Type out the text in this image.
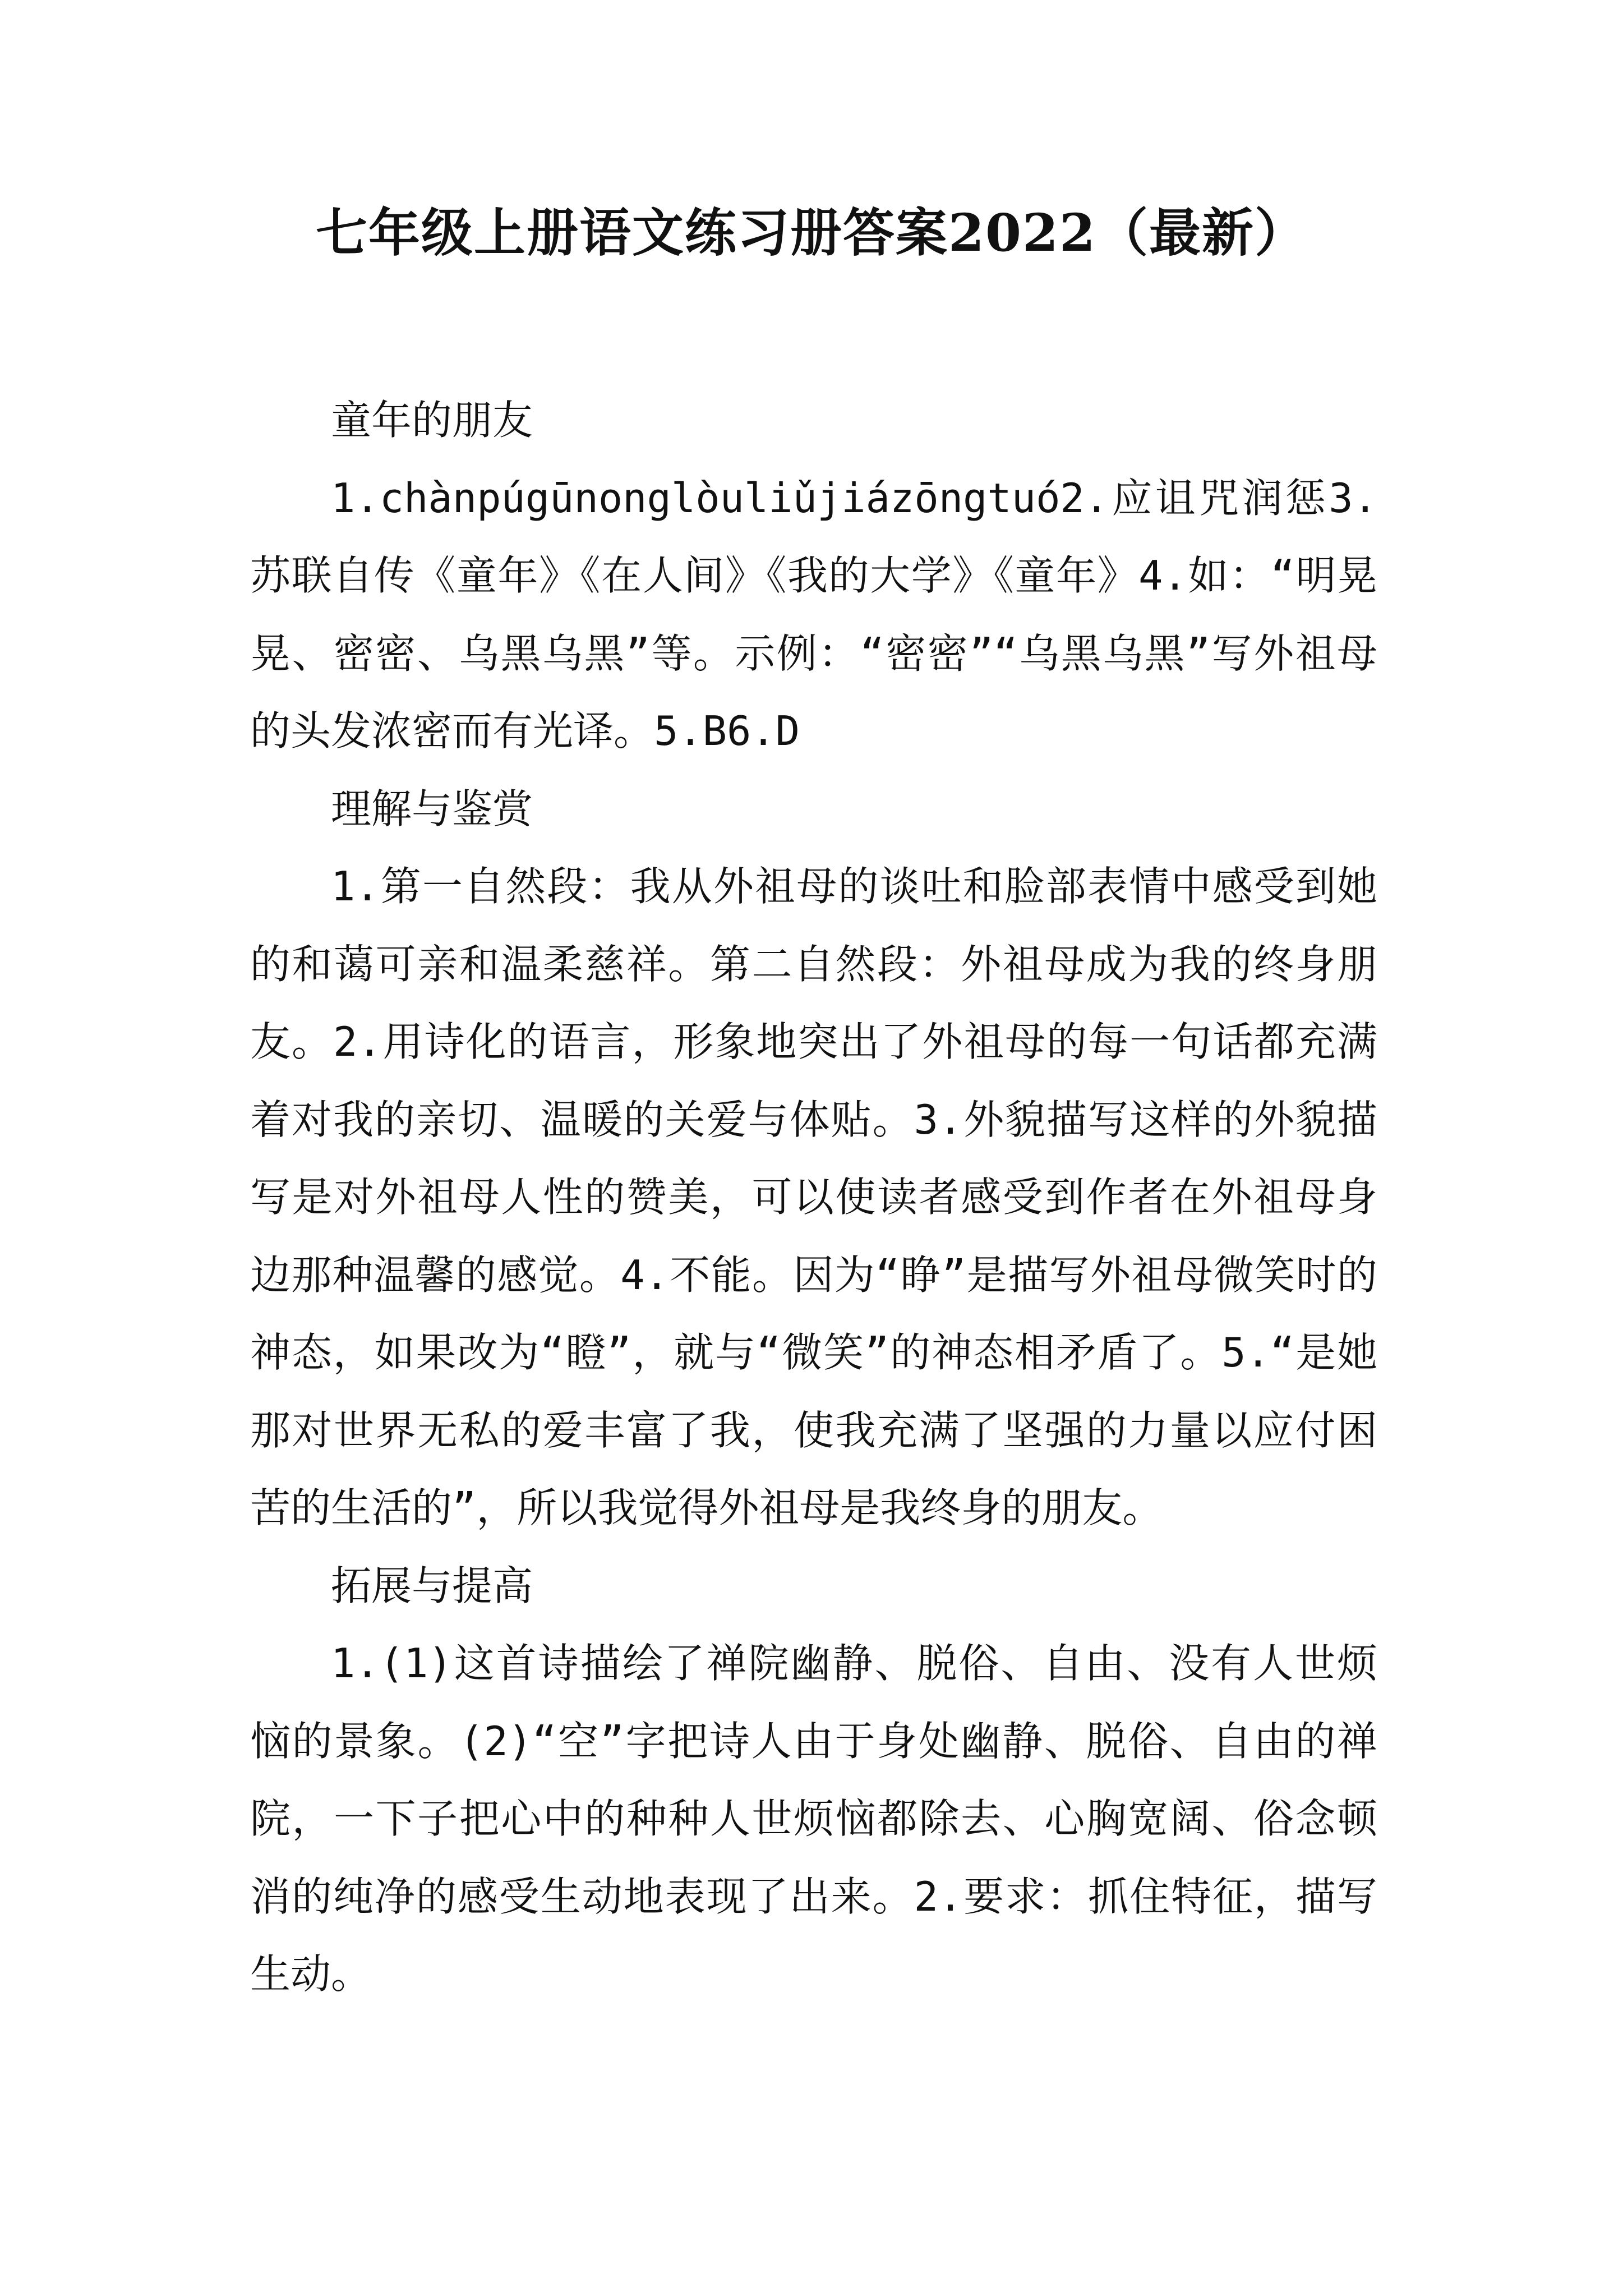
七年级上册语文练习册答案2022（最新）

童年的朋友

1.chànpúgūnonglòuliǔjiázōngtuó2.应诅咒润惩3.苏联自传《童年》《在人间》《我的大学》《童年》4.如：“明晃晃、密密、乌黑乌黑”等。示例：“密密”“乌黑乌黑”写外祖母的头发浓密而有光译。5.B6.D

理解与鉴赏

1.第一自然段：我从外祖母的谈吐和脸部表情中感受到她的和蔼可亲和温柔慈祥。第二自然段：外祖母成为我的终身朋友。2.用诗化的语言，形象地突出了外祖母的每一句话都充满着对我的亲切、温暖的关爱与体贴。3.外貌描写这样的外貌描写是对外祖母人性的赞美，可以使读者感受到作者在外祖母身边那种温馨的感觉。4.不能。因为“睁”是描写外祖母微笑时的神态，如果改为“瞪”，就与“微笑”的神态相矛盾了。5.“是她那对世界无私的爱丰富了我，使我充满了坚强的力量以应付困苦的生活的”，所以我觉得外祖母是我终身的朋友。

拓展与提高

1.(1)这首诗描绘了禅院幽静、脱俗、自由、没有人世烦恼的景象。(2)“空”字把诗人由于身处幽静、脱俗、自由的禅院，一下子把心中的种种人世烦恼都除去、心胸宽阔、俗念顿消的纯净的感受生动地表现了出来。2.要求：抓住特征，描写生动。
